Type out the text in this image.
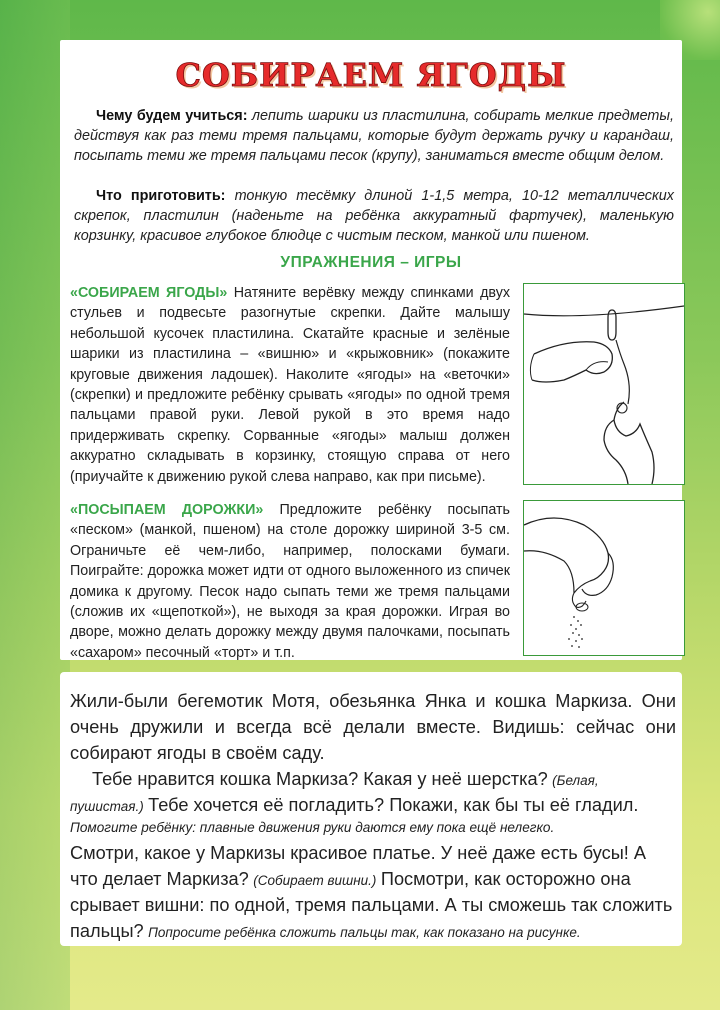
СОБИРАЕМ ЯГОДЫ
Чему будем учиться: лепить шарики из пластилина, собирать мелкие предметы, действуя как раз теми тремя пальцами, которые будут держать ручку и карандаш, посыпать теми же тремя пальцами песок (крупу), заниматься вместе общим делом.
Что приготовить: тонкую тесёмку длиной 1-1,5 метра, 10-12 металлических скрепок, пластилин (наденьте на ребёнка аккуратный фартучек), маленькую корзинку, красивое глубокое блюдце с чистым песком, манкой или пшеном.
УПРАЖНЕНИЯ – ИГРЫ
«СОБИРАЕМ ЯГОДЫ» Натяните верёвку между спинками двух стульев и подвесьте разогнутые скрепки. Дайте малышу небольшой кусочек пластилина. Скатайте красные и зелёные шарики из пластилина – «вишню» и «крыжовник» (покажите круговые движения ладошек). Наколите «ягоды» на «веточки» (скрепки) и предложите ребёнку срывать «ягоды» по одной тремя пальцами правой руки. Левой рукой в это время надо придерживать скрепку. Сорванные «ягоды» малыш должен аккуратно складывать в корзинку, стоящую справа от него (приучайте к движению рукой слева направо, как при письме).
«ПОСЫПАЕМ ДОРОЖКИ» Предложите ребёнку посыпать «песком» (манкой, пшеном) на столе дорожку шириной 3-5 см. Ограничьте её чем-либо, например, полосками бумаги. Поиграйте: дорожка может идти от одного выложенного из спичек домика к другому. Песок надо сыпать теми же тремя пальцами (сложив их «щепоткой»), не выходя за края дорожки. Играя во дворе, можно делать дорожку между двумя палочками, посыпать «сахаром» песочный «торт» и т.п.
Жили-были бегемотик Мотя, обезьянка Янка и кошка Маркиза. Они очень дружили и всегда всё делали вместе. Видишь: сейчас они собирают ягоды в своём саду.
Тебе нравится кошка Маркиза? Какая у неё шерстка? (Белая, пушистая.) Тебе хочется её погладить? Покажи, как бы ты её гладил.
Помогите ребёнку: плавные движения руки даются ему пока ещё нелегко.
Смотри, какое у Маркизы красивое платье. У неё даже есть бусы! А что делает Маркиза? (Собирает вишни.) Посмотри, как осторожно она срывает вишни: по одной, тремя пальцами. А ты сможешь так сложить пальцы? Попросите ребёнка сложить пальцы так, как показано на рисунке.
